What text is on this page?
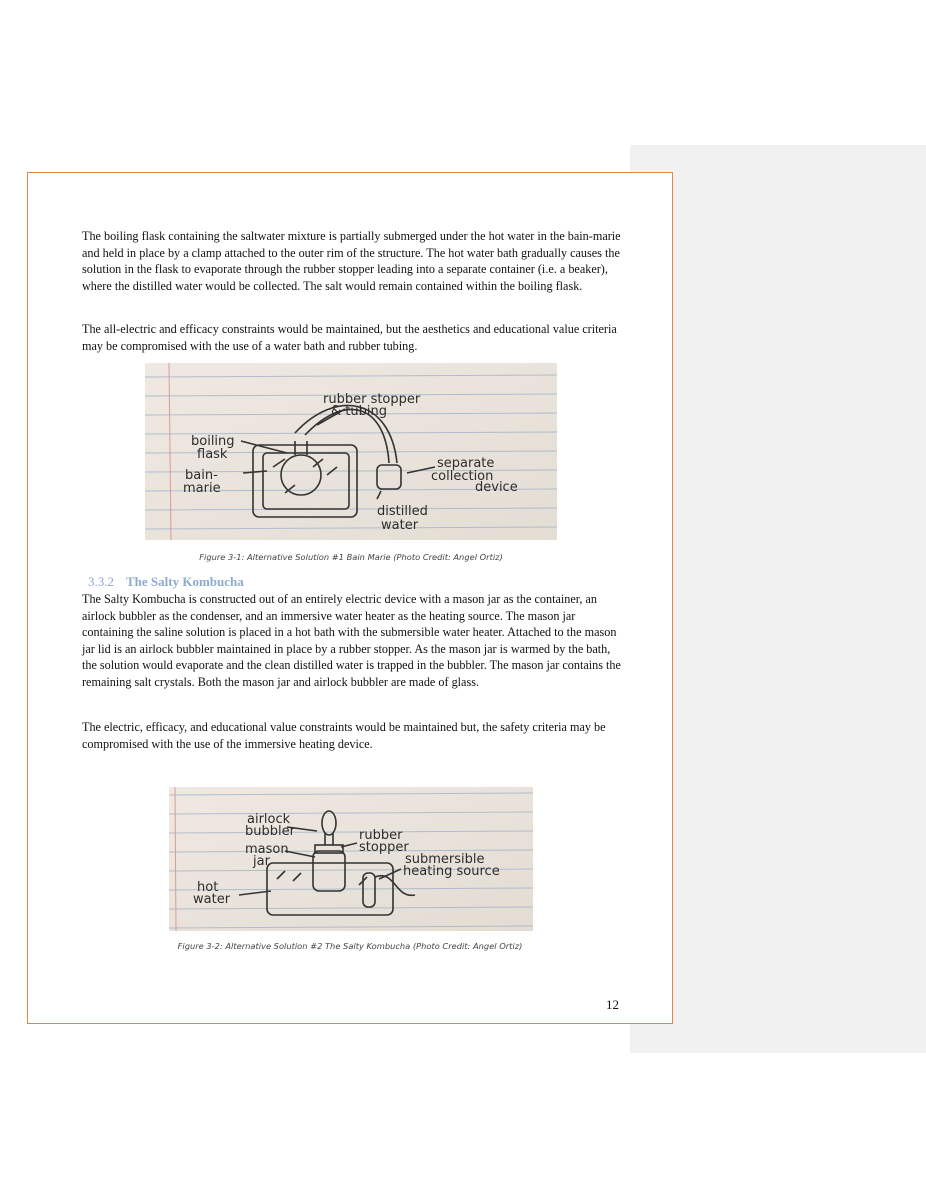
The boiling flask containing the saltwater mixture is partially submerged under the hot water in the bain-marie and held in place by a clamp attached to the outer rim of the structure. The hot water bath gradually causes the solution in the flask to evaporate through the rubber stopper leading into a separate container (i.e. a beaker), where the distilled water would be collected. The salt would remain contained within the boiling flask.

The all-electric and efficacy constraints would be maintained, but the aesthetics and educational value criteria may be compromised with the use of a water bath and rubber tubing.

rubber stopper
& tubing
boiling
flask
bain-
marie
separate
collection
device
distilled
water

Figure 3-1: Alternative Solution #1 Bain Marie (Photo Credit: Angel Ortiz)

3.3.2 The Salty Kombucha

The Salty Kombucha is constructed out of an entirely electric device with a mason jar as the container, an airlock bubbler as the condenser, and an immersive water heater as the heating source. The mason jar containing the saline solution is placed in a hot bath with the submersible water heater. Attached to the mason jar lid is an airlock bubbler maintained in place by a rubber stopper. As the mason jar is warmed by the bath, the solution would evaporate and the clean distilled water is trapped in the bubbler. The mason jar contains the remaining salt crystals. Both the mason jar and airlock bubbler are made of glass.

The electric, efficacy, and educational value constraints would be maintained but, the safety criteria may be compromised with the use of the immersive heating device.

airlock
bubbler
mason
jar
rubber
stopper
submersible
heating source
hot
water

Figure 3-2: Alternative Solution #2 The Salty Kombucha (Photo Credit: Angel Ortiz)

12
